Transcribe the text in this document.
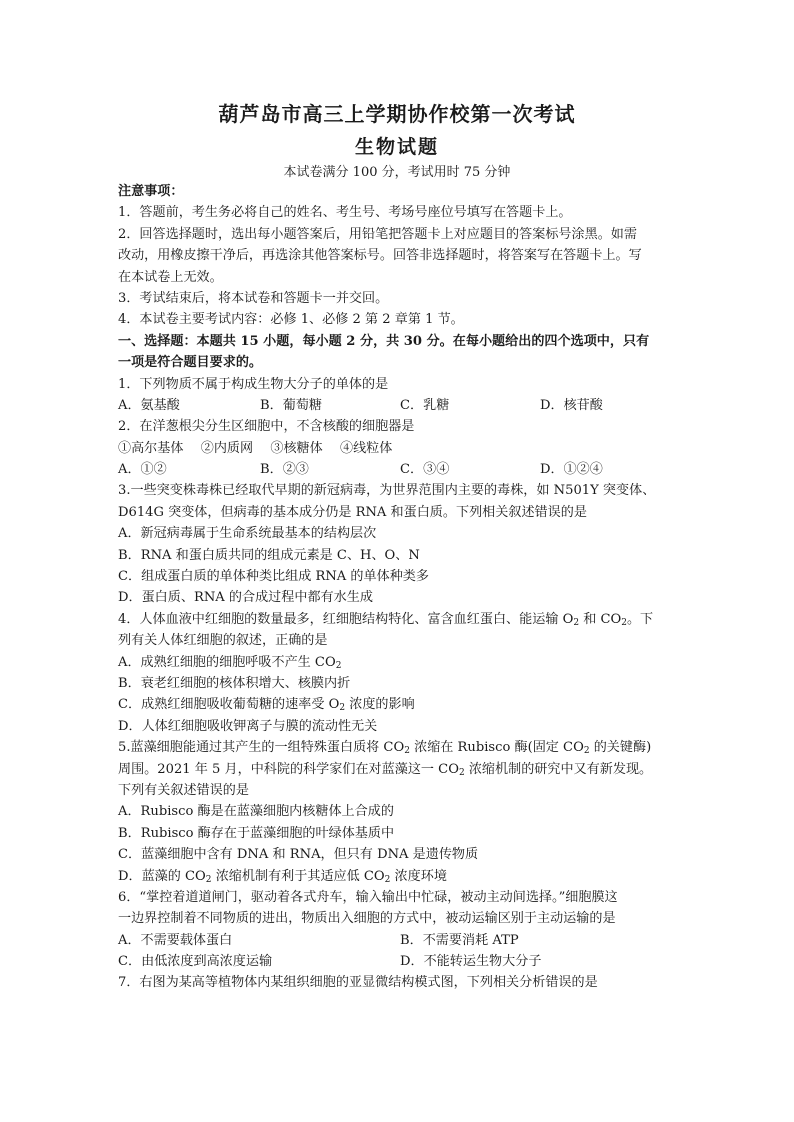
葫芦岛市高三上学期协作校第一次考试
生物试题
本试卷满分 100 分，考试用时 75 分钟
注意事项：
1．答题前，考生务必将自己的姓名、考生号、考场号座位号填写在答题卡上。
2．回答选择题时，选出每小题答案后，用铅笔把答题卡上对应题目的答案标号涂黑。如需
改动，用橡皮擦干净后，再选涂其他答案标号。回答非选择题时，将答案写在答题卡上。写
在本试卷上无效。
3．考试结束后，将本试卷和答题卡一并交回。
4．本试卷主要考试内容：必修 1、必修 2 第 2 章第 1 节。
一、选择题：本题共 15 小题，每小题 2 分，共 30 分。在每小题给出的四个选项中，只有
一项是符合题目要求的。
1．下列物质不属于构成生物大分子的单体的是
A．氨基酸	B．葡萄糖	C．乳糖	D．核苷酸
2．在洋葱根尖分生区细胞中，不含核酸的细胞器是
①高尔基体　 ②内质网　 ③核糖体　 ④线粒体
A．①②	B．②③	C．③④	D．①②④
3.一些突变株毒株已经取代早期的新冠病毒，为世界范围内主要的毒株，如 N501Y 突变体、
D614G 突变体，但病毒的基本成分仍是 RNA 和蛋白质。下列相关叙述错误的是
A．新冠病毒属于生命系统最基本的结构层次
B．RNA 和蛋白质共同的组成元素是 C、H、O、N
C．组成蛋白质的单体种类比组成 RNA 的单体种类多
D．蛋白质、RNA 的合成过程中都有水生成
4．人体血液中红细胞的数量最多，红细胞结构特化、富含血红蛋白、能运输 $O_2$ 和 $CO_2$。下
列有关人体红细胞的叙述，正确的是
A．成熟红细胞的细胞呼吸不产生 $CO_2$
B．衰老红细胞的核体积增大、核膜内折
C．成熟红细胞吸收葡萄糖的速率受 $O_2$ 浓度的影响
D．人体红细胞吸收钾离子与膜的流动性无关
5.蓝藻细胞能通过其产生的一组特殊蛋白质将 $CO_2$ 浓缩在 Rubisco 酶(固定 $CO_2$ 的关键酶)
周围。2021 年 5 月，中科院的科学家们在对蓝藻这一 $CO_2$ 浓缩机制的研究中又有新发现。
下列有关叙述错误的是
A．Rubisco 酶是在蓝藻细胞内核糖体上合成的
B．Rubisco 酶存在于蓝藻细胞的叶绿体基质中
C．蓝藻细胞中含有 DNA 和 RNA，但只有 DNA 是遗传物质
D．蓝藻的 $CO_2$ 浓缩机制有利于其适应低 $CO_2$ 浓度环境
6．“掌控着道道闸门，驱动着各式舟车，输入输出中忙碌，被动主动间选择。”细胞膜这
一边界控制着不同物质的进出，物质出入细胞的方式中，被动运输区别于主动运输的是
A．不需要载体蛋白	B．不需要消耗 ATP
C．由低浓度到高浓度运输	D．不能转运生物大分子
7．右图为某高等植物体内某组织细胞的亚显微结构模式图，下列相关分析错误的是
